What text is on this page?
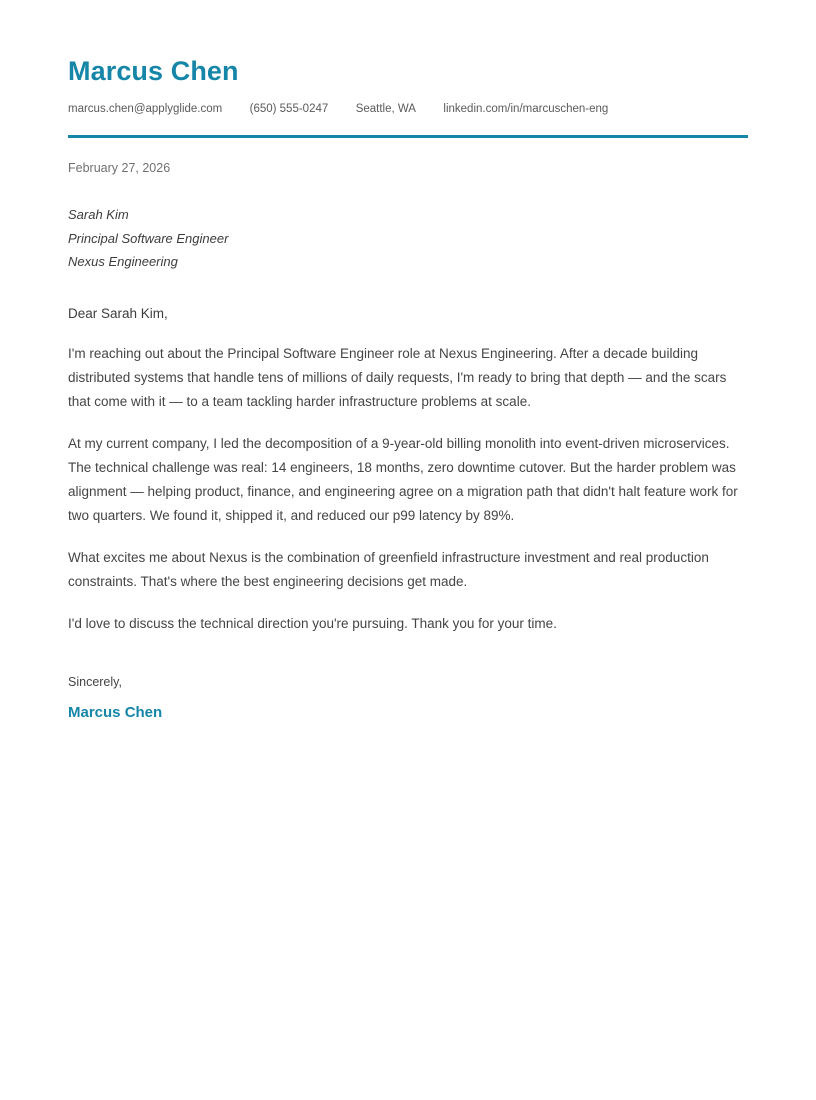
Marcus Chen
marcus.chen@applyglide.com (650) 555-0247 Seattle, WA linkedin.com/in/marcuschen-eng
February 27, 2026
Sarah Kim
Principal Software Engineer
Nexus Engineering
Dear Sarah Kim,

I'm reaching out about the Principal Software Engineer role at Nexus Engineering. After a decade building distributed systems that handle tens of millions of daily requests, I'm ready to bring that depth — and the scars that come with it — to a team tackling harder infrastructure problems at scale.

At my current company, I led the decomposition of a 9-year-old billing monolith into event-driven microservices. The technical challenge was real: 14 engineers, 18 months, zero downtime cutover. But the harder problem was alignment — helping product, finance, and engineering agree on a migration path that didn't halt feature work for two quarters. We found it, shipped it, and reduced our p99 latency by 89%.

What excites me about Nexus is the combination of greenfield infrastructure investment and real production constraints. That's where the best engineering decisions get made.

I'd love to discuss the technical direction you're pursuing. Thank you for your time.

Sincerely,
Marcus Chen
